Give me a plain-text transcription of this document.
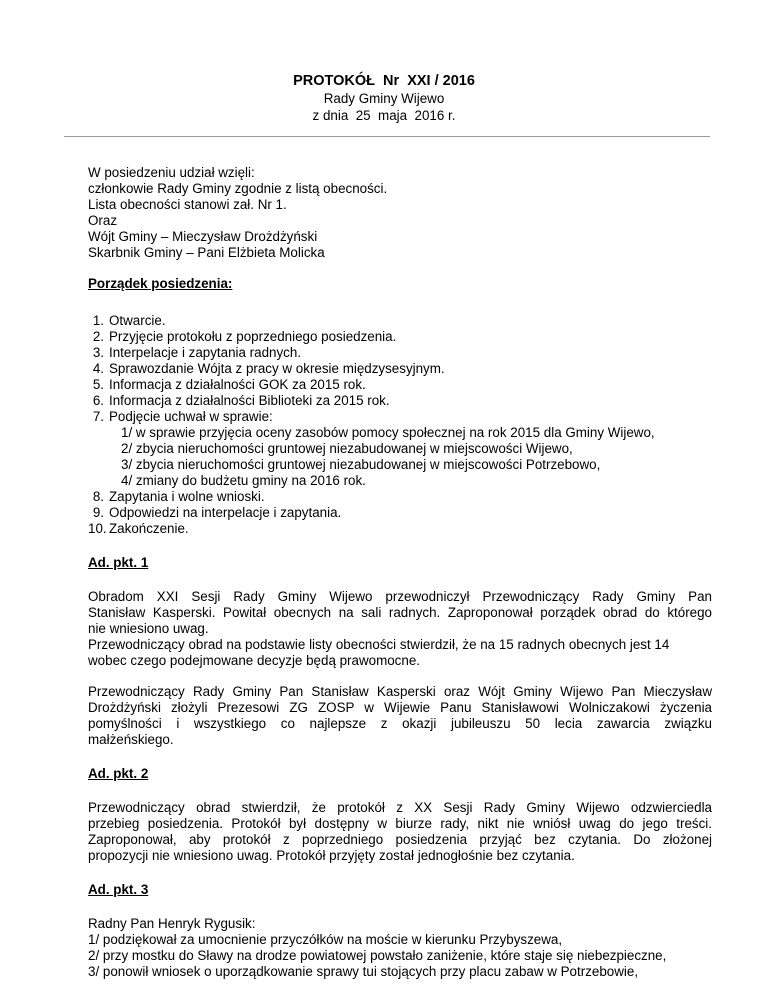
PROTOKÓŁ  Nr  XXI / 2016
Rady Gminy Wijewo
z dnia  25  maja  2016 r.
W posiedzeniu udział wzięli:
członkowie Rady Gminy zgodnie z listą obecności.
Lista obecności stanowi zał. Nr 1.
Oraz
Wójt Gminy – Mieczysław Drożdżyński
Skarbnik Gminy – Pani Elżbieta Molicka
Porządek posiedzenia:
1. Otwarcie.
2. Przyjęcie protokołu z poprzedniego posiedzenia.
3. Interpelacje i zapytania radnych.
4. Sprawozdanie Wójta z pracy w okresie międzysesyjnym.
5. Informacja z działalności GOK za 2015 rok.
6. Informacja z działalności Biblioteki za 2015 rok.
7. Podjęcie uchwał w sprawie:
1/ w sprawie przyjęcia oceny zasobów pomocy społecznej na rok 2015 dla Gminy Wijewo,
2/ zbycia nieruchomości gruntowej niezabudowanej w miejscowości Wijewo,
3/ zbycia nieruchomości gruntowej niezabudowanej w miejscowości Potrzebowo,
4/ zmiany do budżetu gminy na 2016 rok.
8. Zapytania i wolne wnioski.
9. Odpowiedzi na interpelacje i zapytania.
10. Zakończenie.
Ad. pkt. 1
Obradom XXI Sesji Rady Gminy Wijewo przewodniczył Przewodniczący Rady Gminy Pan
Stanisław Kasperski. Powitał obecnych na sali radnych. Zaproponował porządek obrad do którego
nie wniesiono uwag.
Przewodniczący obrad na podstawie listy obecności stwierdził, że na 15 radnych obecnych jest 14
wobec czego podejmowane decyzje będą prawomocne.
Przewodniczący Rady Gminy Pan Stanisław Kasperski oraz Wójt Gminy Wijewo Pan Mieczysław
Drożdżyński złożyli Prezesowi ZG ZOSP w Wijewie Panu Stanisławowi Wolniczakowi życzenia
pomyślności i wszystkiego co najlepsze z okazji jubileuszu 50 lecia zawarcia związku
małżeńskiego.
Ad. pkt. 2
Przewodniczący obrad stwierdził, że protokół z XX Sesji Rady Gminy Wijewo odzwierciedla
przebieg posiedzenia. Protokół był dostępny w biurze rady, nikt nie wniósł uwag do jego treści.
Zaproponował, aby protokół z poprzedniego posiedzenia przyjąć bez czytania. Do złożonej
propozycji nie wniesiono uwag. Protokół przyjęty został jednogłośnie bez czytania.
Ad. pkt. 3
Radny Pan Henryk Rygusik:
1/ podziękował za umocnienie przyczółków na moście w kierunku Przybyszewa,
2/ przy mostku do Sławy na drodze powiatowej powstało zaniżenie, które staje się niebezpieczne,
3/ ponowił wniosek o uporządkowanie sprawy tui stojących przy placu zabaw w Potrzebowie,
